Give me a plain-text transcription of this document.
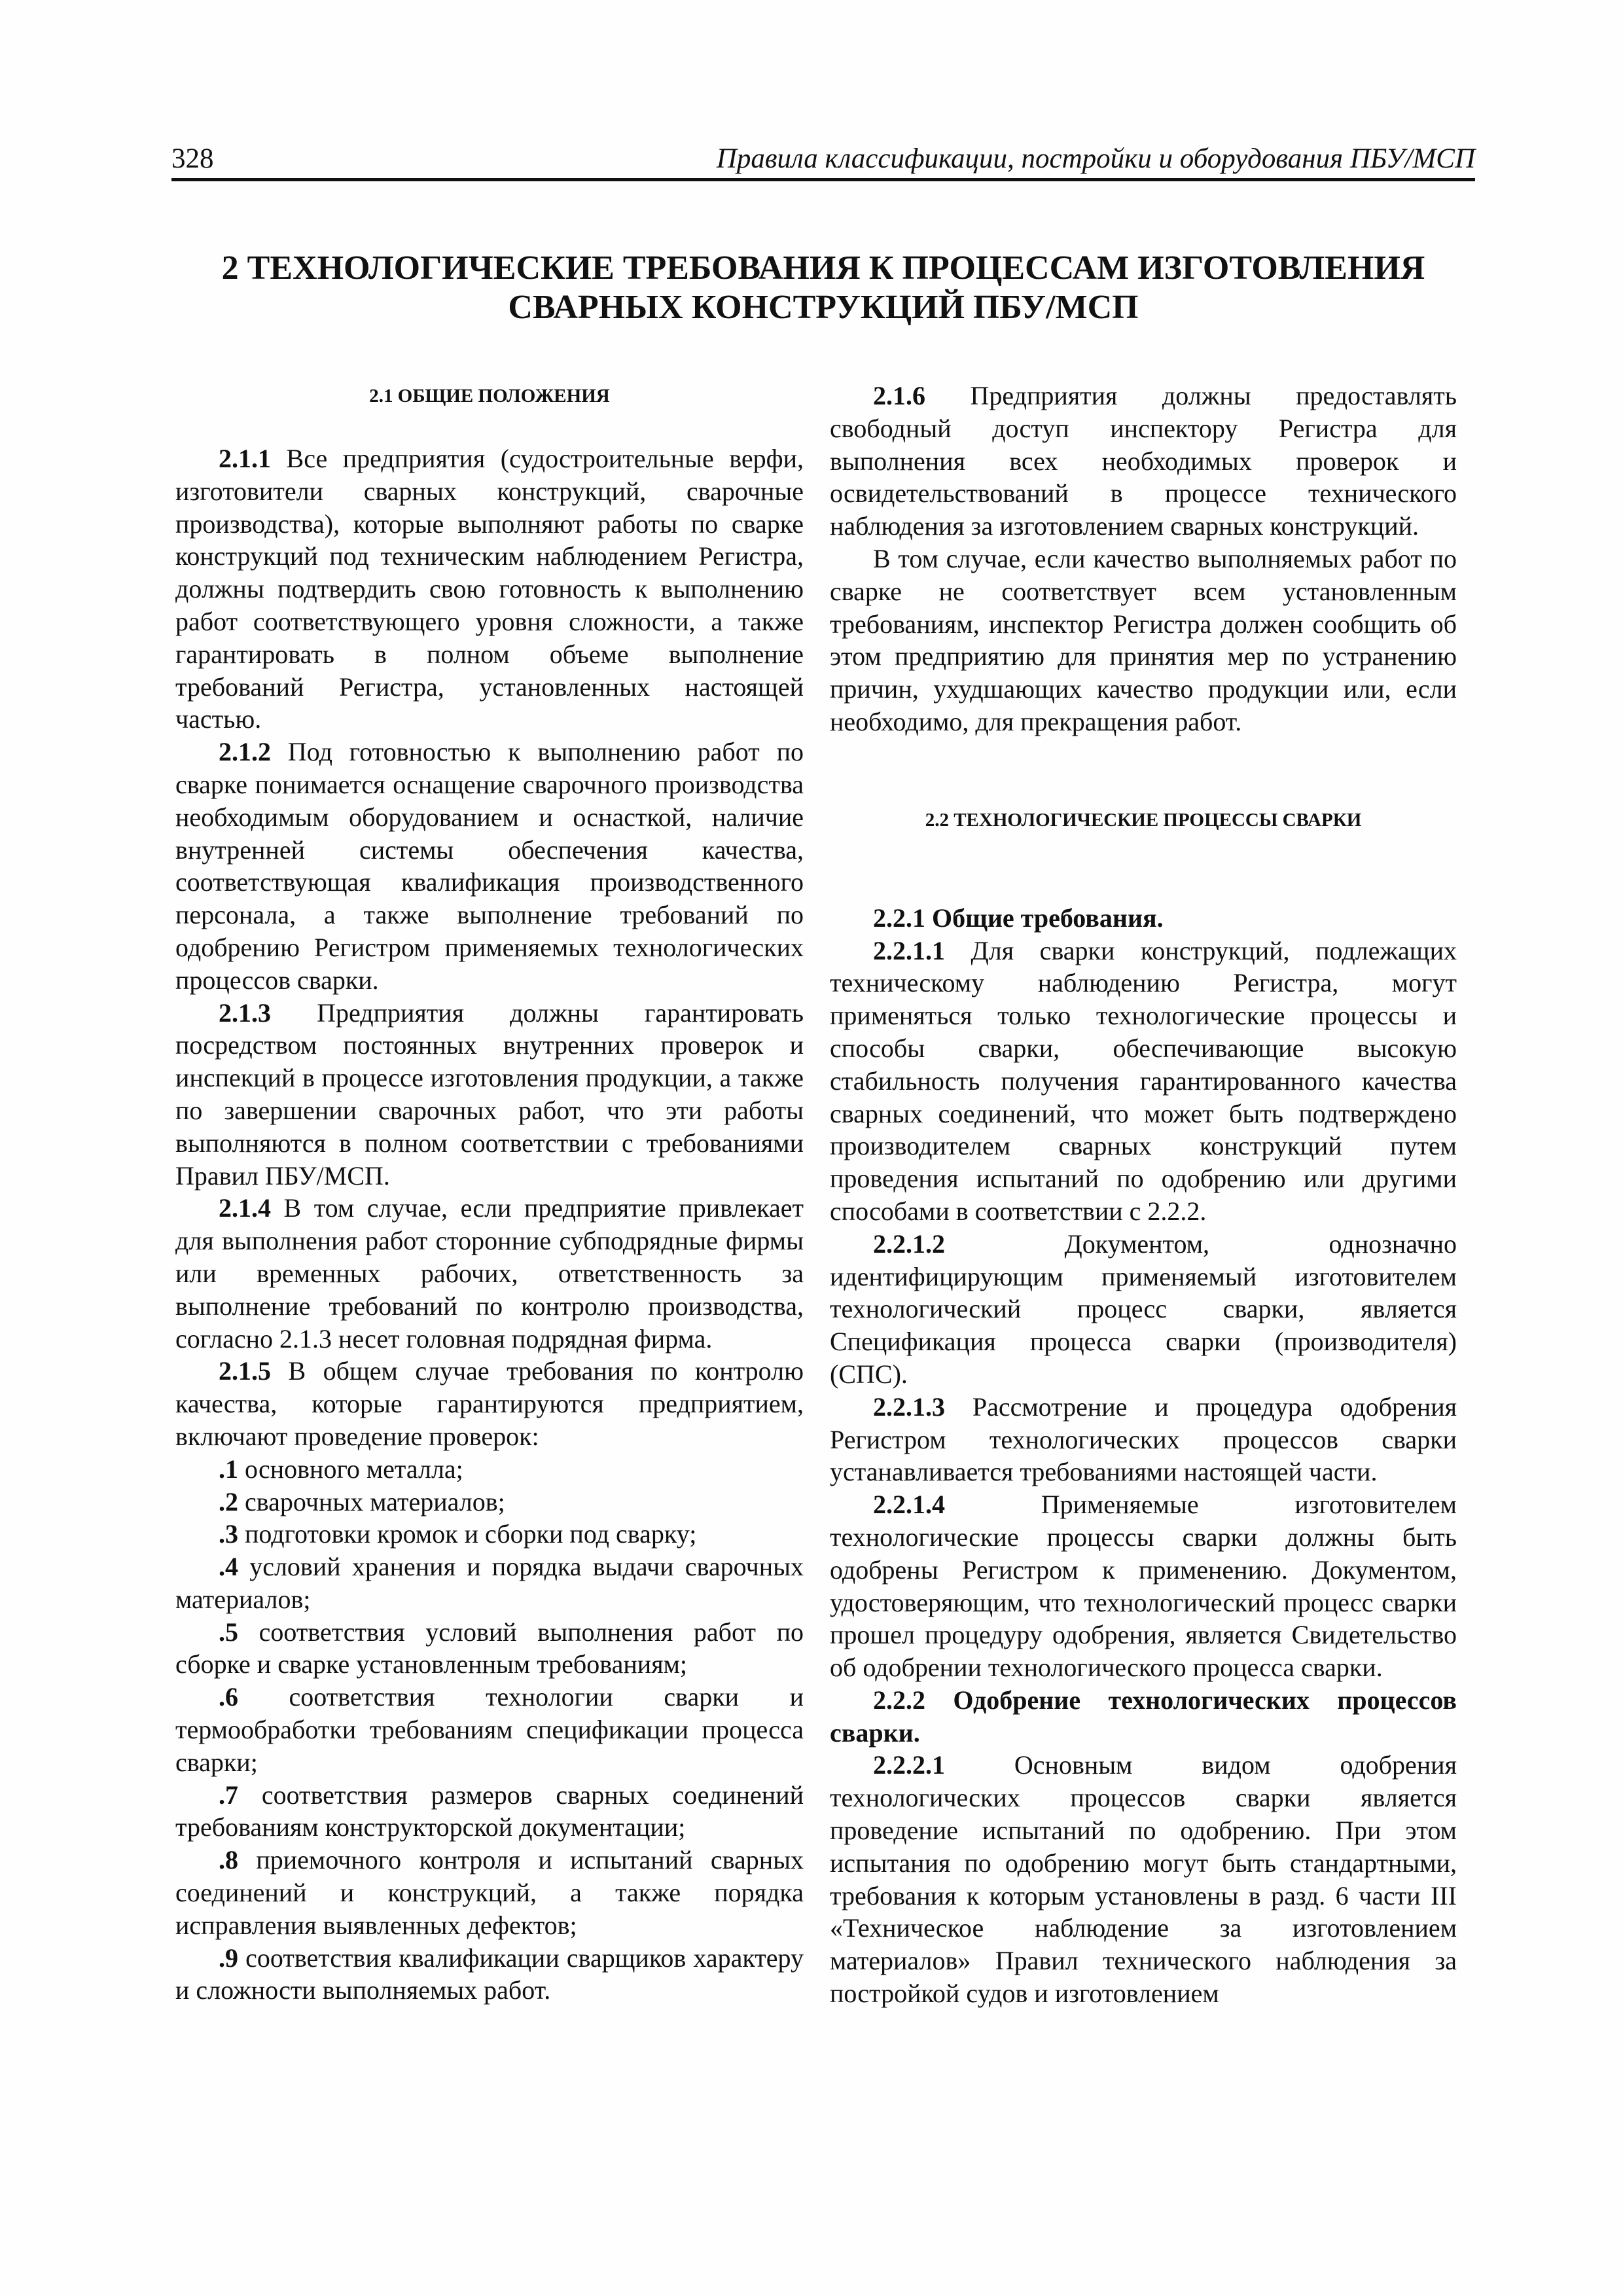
328	Правила классификации, постройки и оборудования ПБУ/МСП
2 ТЕХНОЛОГИЧЕСКИЕ ТРЕБОВАНИЯ К ПРОЦЕССАМ ИЗГОТОВЛЕНИЯ
СВАРНЫХ КОНСТРУКЦИЙ ПБУ/МСП
2.1 ОБЩИЕ ПОЛОЖЕНИЯ

2.1.1 Все предприятия (судостроительные верфи, изготовители сварных конструкций, сварочные производства), которые выполняют работы по сварке конструкций под техническим наблюдением Регистра, должны подтвердить свою готовность к выполнению работ соответствующего уровня сложности, а также гарантировать в полном объеме выполнение требований Регистра, установленных настоящей частью.

2.1.2 Под готовностью к выполнению работ по сварке понимается оснащение сварочного производства необходимым оборудованием и оснасткой, наличие внутренней системы обеспечения качества, соответствующая квалификация производственного персонала, а также выполнение требований по одобрению Регистром применяемых технологических процессов сварки.

2.1.3 Предприятия должны гарантировать посредством постоянных внутренних проверок и инспекций в процессе изготовления продукции, а также по завершении сварочных работ, что эти работы выполняются в полном соответствии с требованиями Правил ПБУ/МСП.

2.1.4 В том случае, если предприятие привлекает для выполнения работ сторонние субподрядные фирмы или временных рабочих, ответственность за выполнение требований по контролю производства, согласно 2.1.3 несет головная подрядная фирма.

2.1.5 В общем случае требования по контролю качества, которые гарантируются предприятием, включают проведение проверок:

.1 основного металла;

.2 сварочных материалов;

.3 подготовки кромок и сборки под сварку;

.4 условий хранения и порядка выдачи сварочных материалов;

.5 соответствия условий выполнения работ по сборке и сварке установленным требованиям;

.6 соответствия технологии сварки и термообработки требованиям спецификации процесса сварки;

.7 соответствия размеров сварных соединений требованиям конструкторской документации;

.8 приемочного контроля и испытаний сварных соединений и конструкций, а также порядка исправления выявленных дефектов;

.9 соответствия квалификации сварщиков характеру и сложности выполняемых работ.

2.1.6 Предприятия должны предоставлять свободный доступ инспектору Регистра для выполнения всех необходимых проверок и освидетельствований в процессе технического наблюдения за изготовлением сварных конструкций.

В том случае, если качество выполняемых работ по сварке не соответствует всем установленным требованиям, инспектор Регистра должен сообщить об этом предприятию для принятия мер по устранению причин, ухудшающих качество продукции или, если необходимо, для прекращения работ.

2.2 ТЕХНОЛОГИЧЕСКИЕ ПРОЦЕССЫ СВАРКИ

2.2.1 Общие требования.

2.2.1.1 Для сварки конструкций, подлежащих техническому наблюдению Регистра, могут применяться только технологические процессы и способы сварки, обеспечивающие высокую стабильность получения гарантированного качества сварных соединений, что может быть подтверждено производителем сварных конструкций путем проведения испытаний по одобрению или другими способами в соответствии с 2.2.2.

2.2.1.2 Документом, однозначно идентифицирующим применяемый изготовителем технологический процесс сварки, является Спецификация процесса сварки (производителя) (СПС).

2.2.1.3 Рассмотрение и процедура одобрения Регистром технологических процессов сварки устанавливается требованиями настоящей части.

2.2.1.4 Применяемые изготовителем технологические процессы сварки должны быть одобрены Регистром к применению. Документом, удостоверяющим, что технологический процесс сварки прошел процедуру одобрения, является Свидетельство об одобрении технологического процесса сварки.

2.2.2 Одобрение технологических процессов сварки.

2.2.2.1 Основным видом одобрения технологических процессов сварки является проведение испытаний по одобрению. При этом испытания по одобрению могут быть стандартными, требования к которым установлены в разд. 6 части III «Техническое наблюдение за изготовлением материалов» Правил технического наблюдения за постройкой судов и изготовлением
